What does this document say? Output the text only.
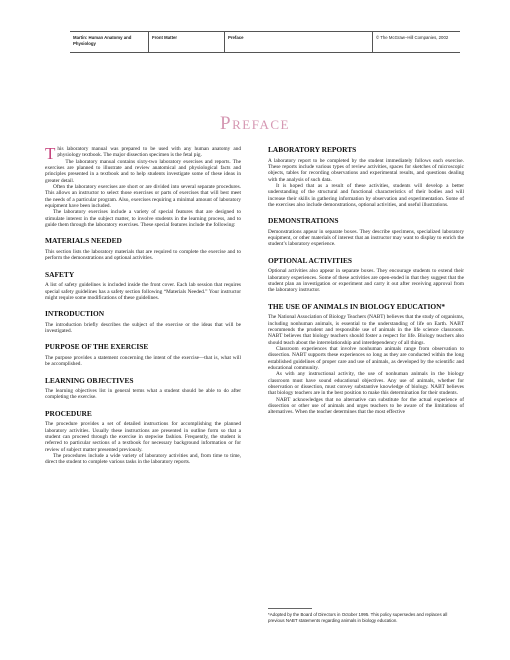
Martin: Human Anatomy and Physiology
Front Matter	Preface	© The McGraw−Hill Companies, 2002
Preface

This laboratory manual was prepared to be used with any human anatomy and physiology textbook. The major dissection specimen is the fetal pig.

The laboratory manual contains sixty-two laboratory exercises and reports. The exercises are planned to illustrate and review anatomical and physiological facts and principles presented in a textbook and to help students investigate some of these ideas in greater detail.

Often the laboratory exercises are short or are divided into several separate procedures. This allows an instructor to select those exercises or parts of exercises that will best meet the needs of a particular program. Also, exercises requiring a minimal amount of laboratory equipment have been included.

The laboratory exercises include a variety of special features that are designed to stimulate interest in the subject matter, to involve students in the learning process, and to guide them through the laboratory exercises. These special features include the following:

MATERIALS NEEDED

This section lists the laboratory materials that are required to complete the exercise and to perform the demonstrations and optional activities.

SAFETY

A list of safety guidelines is included inside the front cover. Each lab session that requires special safety guidelines has a safety section following “Materials Needed.” Your instructor might require some modifications of these guidelines.

INTRODUCTION

The introduction briefly describes the subject of the exercise or the ideas that will be investigated.

PURPOSE OF THE EXERCISE

The purpose provides a statement concerning the intent of the exercise—that is, what will be accomplished.

LEARNING OBJECTIVES

The learning objectives list in general terms what a student should be able to do after completing the exercise.

PROCEDURE

The procedure provides a set of detailed instructions for accomplishing the planned laboratory activities. Usually these instructions are presented in outline form so that a student can proceed through the exercise in stepwise fashion. Frequently, the student is referred to particular sections of a textbook for necessary background information or for review of subject matter presented previously.

The procedures include a wide variety of laboratory activities and, from time to time, direct the student to complete various tasks in the laboratory reports.

LABORATORY REPORTS

A laboratory report to be completed by the student immediately follows each exercise. These reports include various types of review activities, spaces for sketches of microscopic objects, tables for recording observations and experimental results, and questions dealing with the analysis of such data.

It is hoped that as a result of these activities, students will develop a better understanding of the structural and functional characteristics of their bodies and will increase their skills in gathering information by observation and experimentation. Some of the exercises also include demonstrations, optional activities, and useful illustrations.

DEMONSTRATIONS

Demonstrations appear in separate boxes. They describe specimens, specialized laboratory equipment, or other materials of interest that an instructor may want to display to enrich the student’s laboratory experience.

OPTIONAL ACTIVITIES

Optional activities also appear in separate boxes. They encourage students to extend their laboratory experiences. Some of these activities are open-ended in that they suggest that the student plan an investigation or experiment and carry it out after receiving approval from the laboratory instructor.

THE USE OF ANIMALS IN BIOLOGY EDUCATION*

The National Association of Biology Teachers (NABT) believes that the study of organisms, including nonhuman animals, is essential to the understanding of life on Earth. NABT recommends the prudent and responsible use of animals in the life science classroom. NABT believes that biology teachers should foster a respect for life. Biology teachers also should teach about the interrelationship and interdependency of all things.

Classroom experiences that involve nonhuman animals range from observation to dissection. NABT supports these experiences so long as they are conducted within the long established guidelines of proper care and use of animals, as developed by the scientific and educational community.

As with any instructional activity, the use of nonhuman animals in the biology classroom must have sound educational objectives. Any use of animals, whether for observation or dissection, must convey substantive knowledge of biology. NABT believes that biology teachers are in the best position to make this determination for their students.

NABT acknowledges that no alternative can substitute for the actual experience of dissection or other use of animals and urges teachers to be aware of the limitations of alternatives. When the teacher determines that the most effective

*Adopted by the Board of Directors in October 1995. This policy supersedes and replaces all previous NABT statements regarding animals in biology education.
